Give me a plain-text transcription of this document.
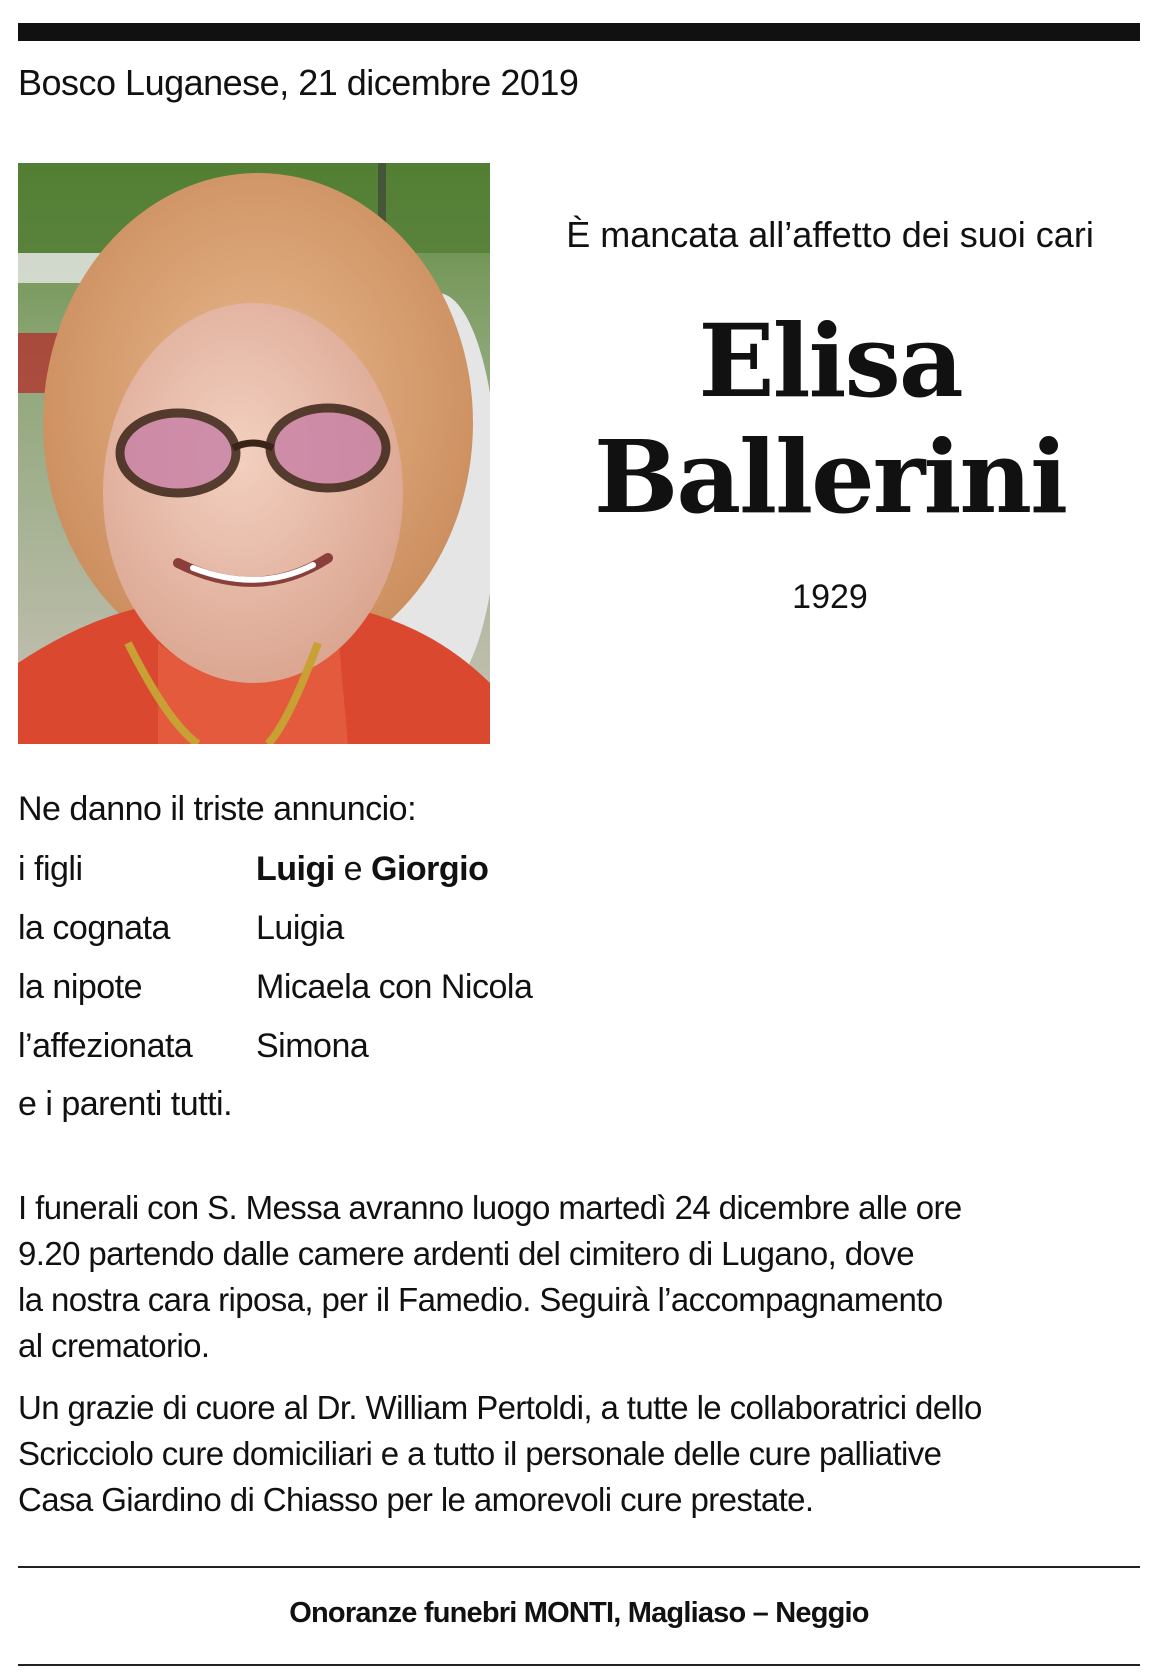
Bosco Luganese, 21 dicembre 2019
È mancata all’affetto dei suoi cari
Elisa
Ballerini
1929
Ne danno il triste annuncio:
i figli	Luigi e Giorgio
la cognata	Luigia
la nipote	Micaela con Nicola
l’affezionata Simona
e i parenti tutti.
I funerali con S. Messa avranno luogo martedì 24 dicembre alle ore
9.20 partendo dalle camere ardenti del cimitero di Lugano, dove
la nostra cara riposa, per il Famedio. Seguirà l’accompagnamento
al crematorio.
Un grazie di cuore al Dr. William Pertoldi, a tutte le collaboratrici dello
Scricciolo cure domiciliari e a tutto il personale delle cure palliative
Casa Giardino di Chiasso per le amorevoli cure prestate.
Onoranze funebri MONTI, Magliaso – Neggio
